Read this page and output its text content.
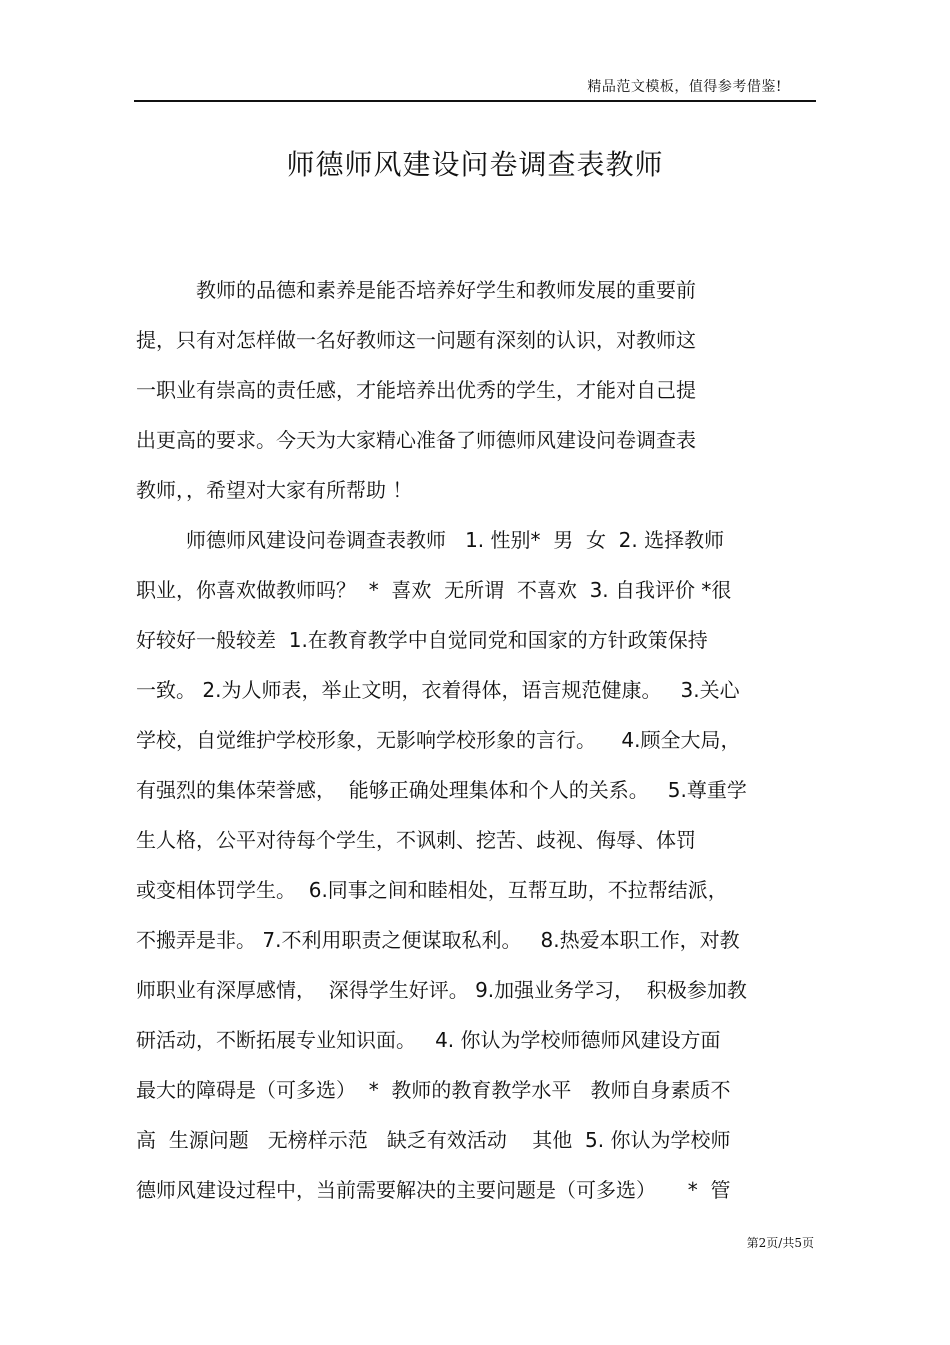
精品范文模板，值得参考借鉴!
师德师风建设问卷调查表教师
教师的品德和素养是能否培养好学生和教师发展的重要前
提，只有对怎样做一名好教师这一问题有深刻的认识，对教师这
一职业有崇高的责任感，才能培养出优秀的学生，才能对自己提
出更高的要求。今天为大家精心准备了师德师风建设问卷调查表
教师，，希望对大家有所帮助 ！
师德师风建设问卷调查表教师   1. 性别*  男  女  2. 选择教师
职业，你喜欢做教师吗？  *  喜欢  无所谓  不喜欢  3. 自我评价 *很
好较好一般较差  1.在教育教学中自觉同党和国家的方针政策保持
一致。 2.为人师表，举止文明，衣着得体，语言规范健康。   3.关心
学校，自觉维护学校形象，无影响学校形象的言行。    4.顾全大局，
有强烈的集体荣誉感，  能够正确处理集体和个人的关系。   5.尊重学
生人格，公平对待每个学生，不讽刺、挖苦、歧视、侮辱、体罚
或变相体罚学生。  6.同事之间和睦相处，互帮互助，不拉帮结派，
不搬弄是非。 7.不利用职责之便谋取私利。   8.热爱本职工作，对教
师职业有深厚感情，  深得学生好评。 9.加强业务学习，  积极参加教
研活动，不断拓展专业知识面。   4. 你认为学校师德师风建设方面
最大的障碍是（可多选）  *  教师的教育教学水平   教师自身素质不
高  生源问题   无榜样示范   缺乏有效活动    其他  5. 你认为学校师
德师风建设过程中，当前需要解决的主要问题是（可多选）     *  管
第2页/共5页
